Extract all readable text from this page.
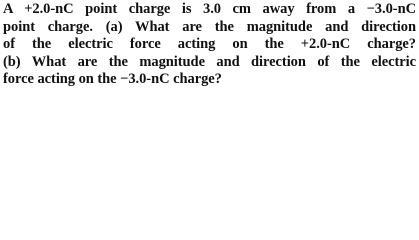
A +2.0-nC point charge is 3.0 cm away from a −3.0-nC
point charge. (a) What are the magnitude and direction
of the electric force acting on the +2.0-nC charge?
(b) What are the magnitude and direction of the electric
force acting on the −3.0-nC charge?
